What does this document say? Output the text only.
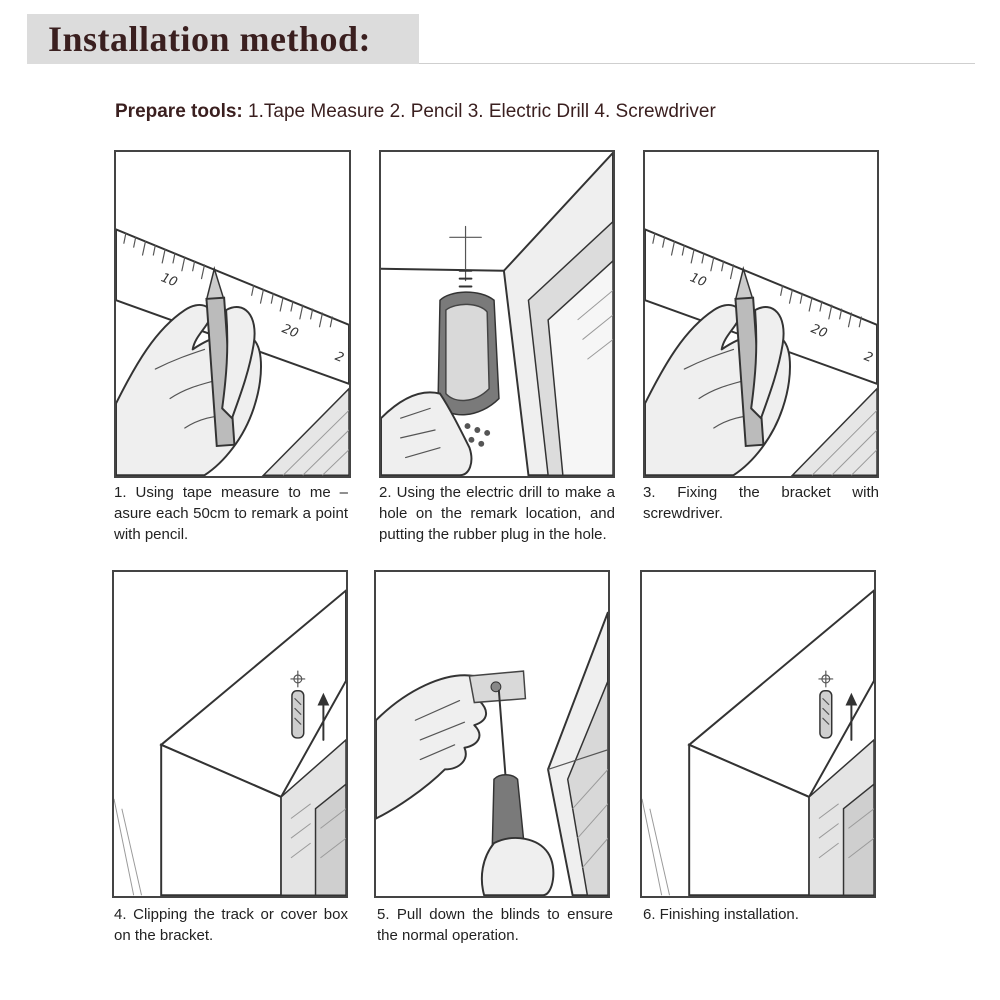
Installation method:
Prepare tools: 1.Tape Measure 2. Pencil 3. Electric Drill 4. Screwdriver
10
20
2
1. Using tape measure to me –asure each 50cm to remark a point with pencil.
2. Using the electric drill to make a hole on the remark location, and putting the rubber plug in the hole.
10
20
2
3. Fixing the bracket with screwdriver.
4. Clipping the track or cover box on the bracket.
5. Pull down the blinds to ensure the normal operation.
6. Finishing installation.
